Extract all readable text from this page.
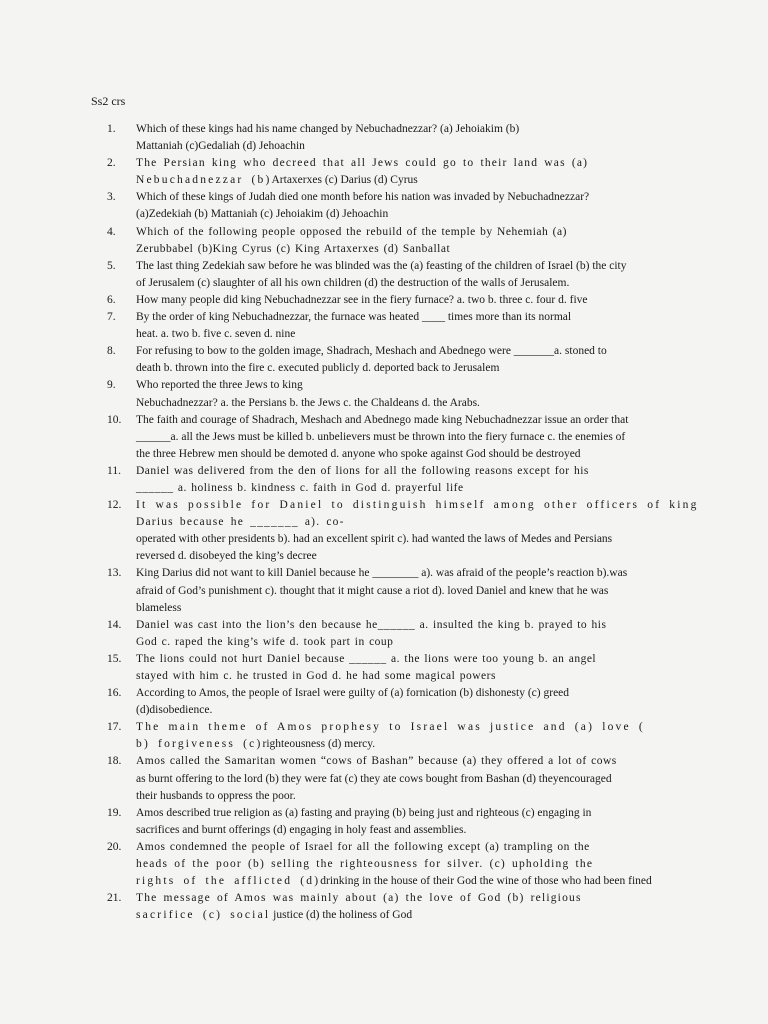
Ss2 crs
1.	Which of these kings had his name changed by Nebuchadnezzar? (a) Jehoiakim (b)
Mattaniah (c)Gedaliah (d) Jehoachin
2.	The Persian king who decreed that all Jews could go to their land was (a)
Nebuchadnezzar (b)Artaxerxes (c) Darius (d) Cyrus
3.	Which of these kings of Judah died one month before his nation was invaded by Nebuchadnezzar?
(a)Zedekiah (b) Mattaniah (c) Jehoiakim (d) Jehoachin
4.	Which of the following people opposed the rebuild of the temple by Nehemiah (a)
Zerubbabel (b)King Cyrus (c) King Artaxerxes (d) Sanballat
5.	The last thing Zedekiah saw before he was blinded was the (a) feasting of the children of Israel (b) the city
of Jerusalem (c) slaughter of all his own children (d) the destruction of the walls of Jerusalem.
6.	How many people did king Nebuchadnezzar see in the fiery furnace? a. two b. three c. four d. five
7.	By the order of king Nebuchadnezzar, the furnace was heated ____ times more than its normal
heat. a. two b. five c. seven d. nine
8.	For refusing to bow to the golden image, Shadrach, Meshach and Abednego were _______a. stoned to
death b. thrown into the fire c. executed publicly d. deported back to Jerusalem
9.	Who reported the three Jews to king
Nebuchadnezzar? a. the Persians b. the Jews c. the Chaldeans d. the Arabs.
10.	The faith and courage of Shadrach, Meshach and Abednego made king Nebuchadnezzar issue an order that
______a. all the Jews must be killed b. unbelievers must be thrown into the fiery furnace c. the enemies of
the three Hebrew men should be demoted d. anyone who spoke against God should be destroyed
11.	Daniel was delivered from the den of lions for all the following reasons except for his
______ a. holiness b. kindness c. faith in God d. prayerful life
12.	It was possible for Daniel to distinguish himself among other officers of king
Darius because he _______ a). co-
operated with other presidents b). had an excellent spirit c). had wanted the laws of Medes and Persians
reversed d. disobeyed the king’s decree
13.	King Darius did not want to kill Daniel because he ________ a). was afraid of the people’s reaction b).was
afraid of God’s punishment c). thought that it might cause a riot d). loved Daniel and knew that he was
blameless
14.	Daniel was cast into the lion’s den because he______ a. insulted the king b. prayed to his
God c. raped the king’s wife d. took part in coup
15.	The lions could not hurt Daniel because ______ a. the lions were too young b. an angel
stayed with him c. he trusted in God d. he had some magical powers
16.	According to Amos, the people of Israel were guilty of (a) fornication (b) dishonesty (c) greed
(d)disobedience.
17.	The main theme of Amos prophesy to Israel was justice and (a) love (
b) forgiveness (c)righteousness (d) mercy.
18.	Amos called the Samaritan women “cows of Bashan” because (a) they offered a lot of cows
as burnt offering to the lord (b) they were fat (c) they ate cows bought from Bashan (d) theyencouraged
their husbands to oppress the poor.
19.	Amos described true religion as (a) fasting and praying (b) being just and righteous (c) engaging in
sacrifices and burnt offerings (d) engaging in holy feast and assemblies.
20.	Amos condemned the people of Israel for all the following except (a) trampling on the
heads of the poor (b) selling the righteousness for silver. (c) upholding the
rights of the afflicted (d)drinking in the house of their God the wine of those who had been fined
21.	The message of Amos was mainly about (a) the love of God (b) religious
sacrifice (c) social justice (d) the holiness of God
